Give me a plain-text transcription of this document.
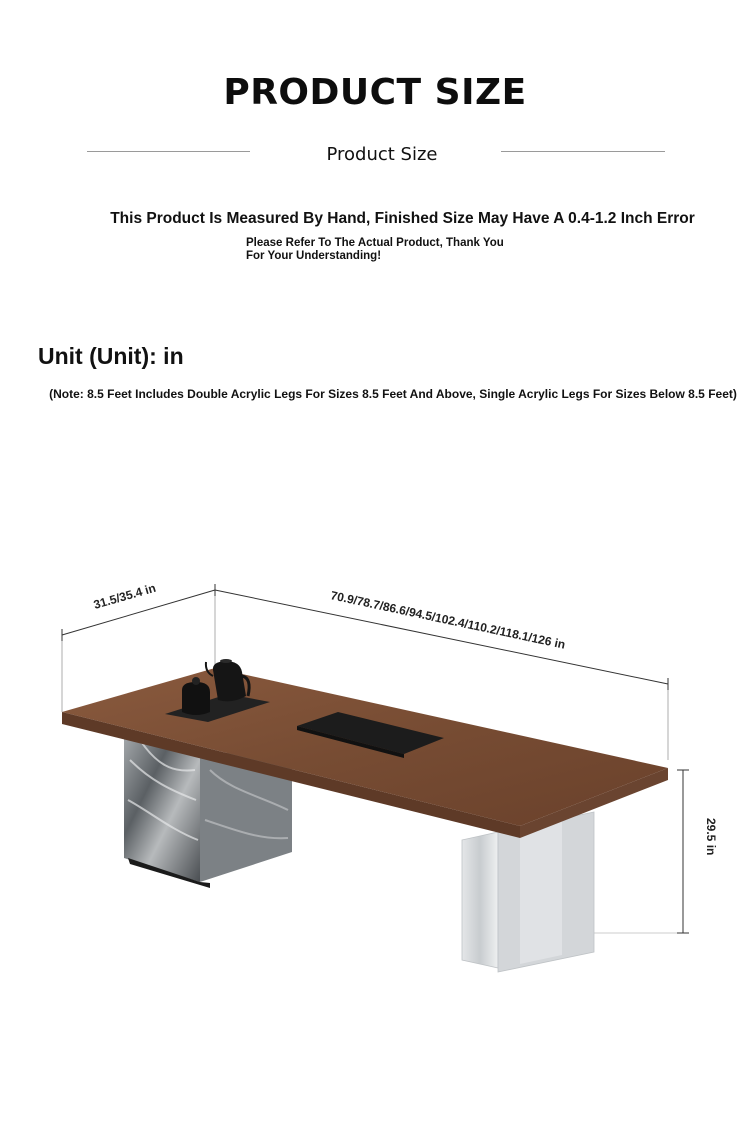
PRODUCT SIZE
Product Size
This Product Is Measured By Hand, Finished Size May Have A 0.4-1.2 Inch Error
Please Refer To The Actual Product, Thank You For Your Understanding!
Unit (Unit): in
(Note: 8.5 Feet Includes Double Acrylic Legs For Sizes 8.5 Feet And Above, Single Acrylic Legs For Sizes Below 8.5 Feet)
31.5/35.4 in	70.9/78.7/86.6/94.5/102.4/110.2/118.1/126 in
29.5 in
